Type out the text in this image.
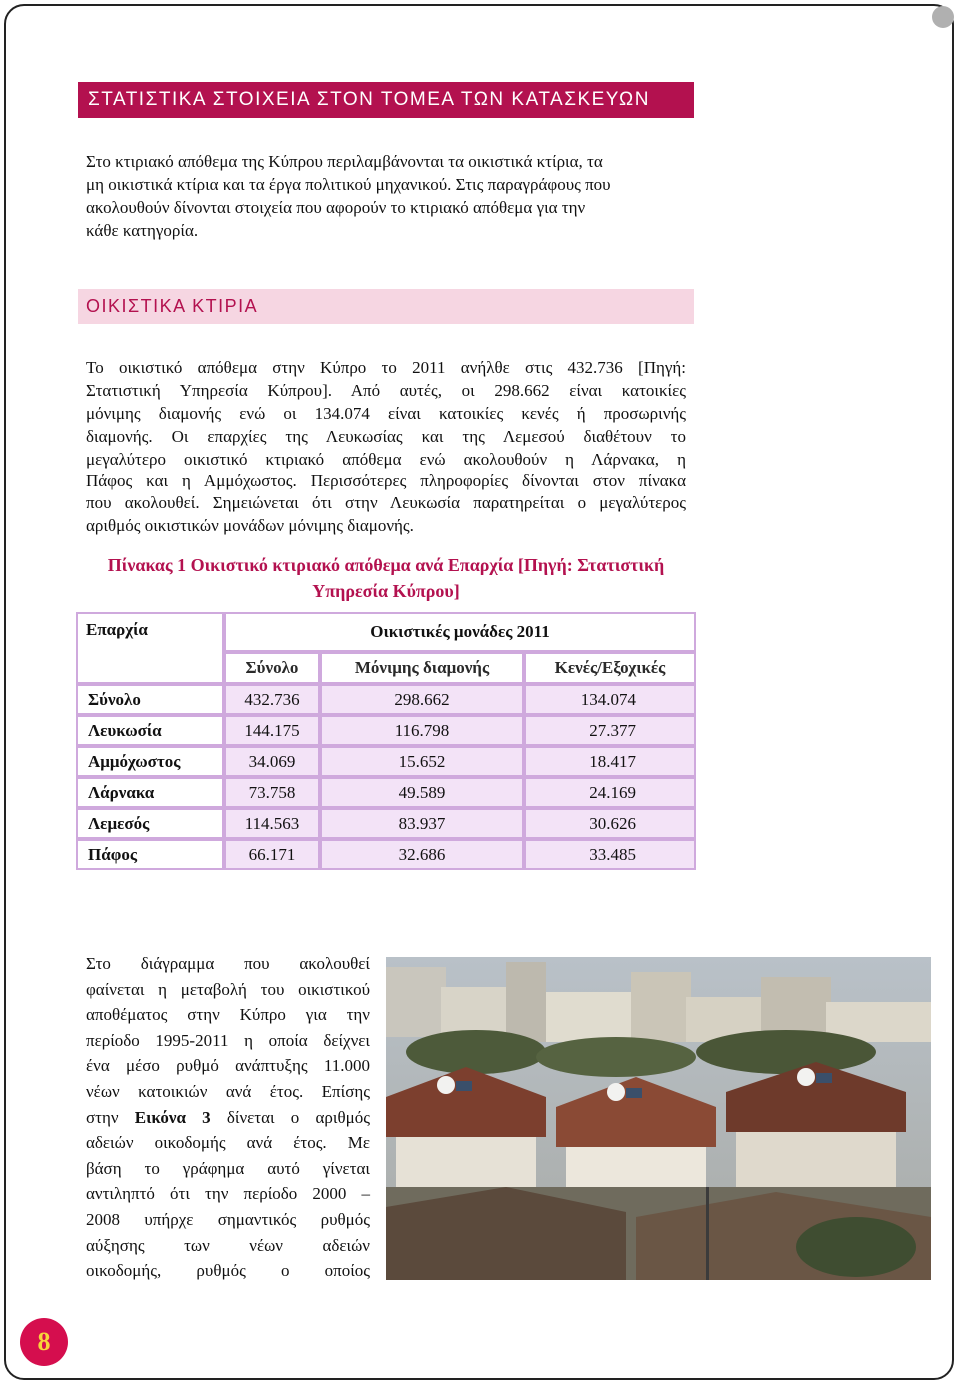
ΣΤΑΤΙΣΤΙΚΑ ΣΤΟΙΧΕΙΑ ΣΤΟΝ ΤΟΜΕΑ ΤΩΝ ΚΑΤΑΣΚΕΥΩΝ

Στο κτιριακό απόθεμα της Κύπρου περιλαμβάνονται τα οικιστικά κτίρια, τα

μη οικιστικά κτίρια και τα έργα πολιτικού μηχανικού. Στις παραγράφους που

ακολουθούν δίνονται στοιχεία που αφορούν το κτιριακό απόθεμα για την

κάθε κατηγορία.

ΟΙΚΙΣΤΙΚΑ ΚΤΙΡΙΑ

Το οικιστικό απόθεμα στην Κύπρο το 2011 ανήλθε στις 432.736 [Πηγή:

Στατιστική Υπηρεσία Κύπρου]. Από αυτές, οι 298.662 είναι κατοικίες

μόνιμης διαμονής ενώ οι 134.074 είναι κατοικίες κενές ή προσωρινής

διαμονής. Οι επαρχίες της Λευκωσίας και της Λεμεσού διαθέτουν το

μεγαλύτερο οικιστικό κτιριακό απόθεμα ενώ ακολουθούν η Λάρνακα, η

Πάφος και η Αμμόχωστος. Περισσότερες πληροφορίες δίνονται στον πίνακα

που ακολουθεί. Σημειώνεται ότι στην Λευκωσία παρατηρείται ο μεγαλύτερος

αριθμός οικιστικών μονάδων μόνιμης διαμονής.

Πίνακας 1 Οικιστικό κτιριακό απόθεμα ανά Επαρχία [Πηγή: Στατιστική
Υπηρεσία Κύπρου]
Επαρχία	Οικιστικές μονάδες 2011		
	Σύνολο	Μόνιμης διαμονής	Κενές/Εξοχικές
Σύνολο	432.736	298.662	134.074
Λευκωσία	144.175	116.798	27.377
Αμμόχωστος	34.069	15.652	18.417
Λάρνακα	73.758	49.589	24.169
Λεμεσός	114.563	83.937	30.626
Πάφος	66.171	32.686	33.485
Στο διάγραμμα που ακολουθεί
φαίνεται η μεταβολή του οικιστικού
αποθέματος στην Κύπρο για την
περίοδο 1995-2011 η οποία δείχνει
ένα μέσο ρυθμό ανάπτυξης 11.000
νέων κατοικιών ανά έτος. Επίσης
στην Εικόνα 3 δίνεται ο αριθμός
αδειών οικοδομής ανά έτος. Με
βάση το γράφημα αυτό γίνεται
αντιληπτό ότι την περίοδο 2000 –
2008 υπήρχε σημαντικός ρυθμός
αύξησης των νέων αδειών
οικοδομής, ρυθμός ο οποίος
8
